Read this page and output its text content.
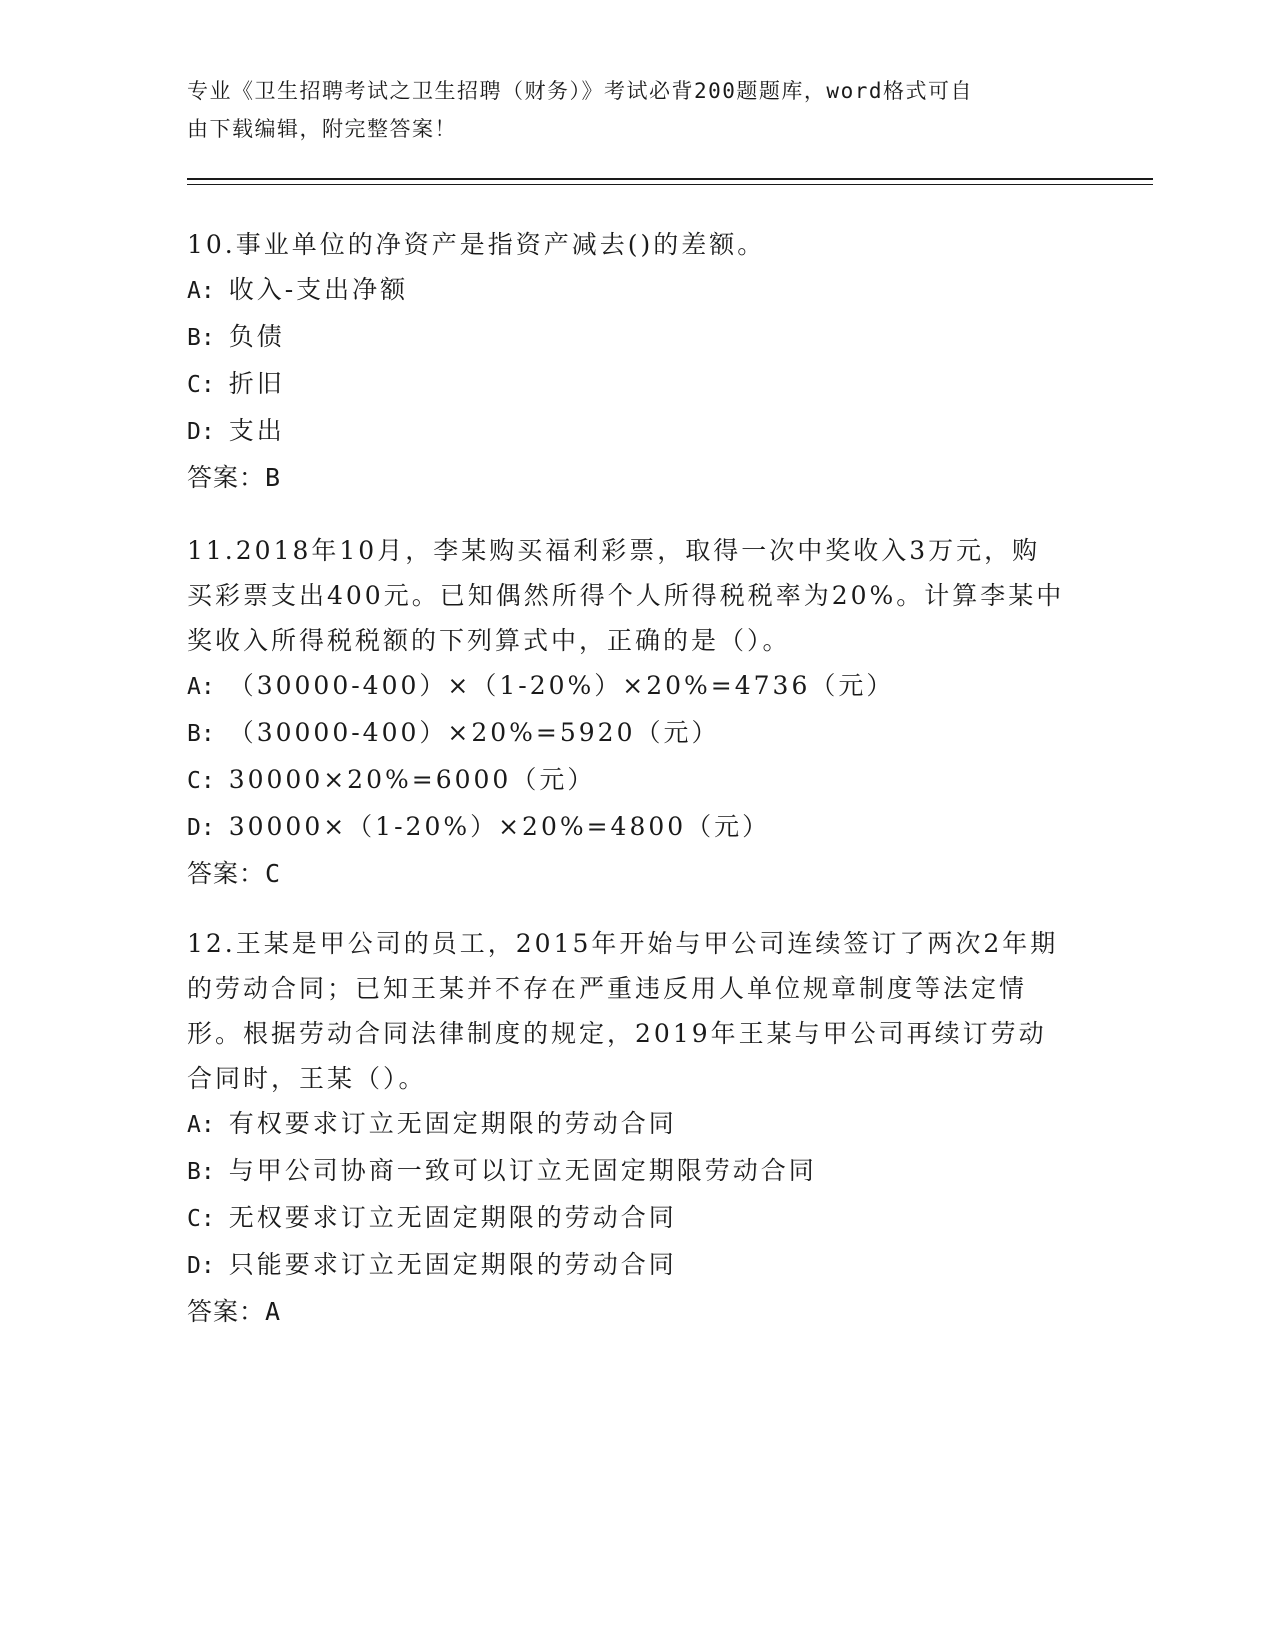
专业《卫生招聘考试之卫生招聘（财务）》考试必背200题题库，word格式可自
由下载编辑，附完整答案！
10.事业单位的净资产是指资产减去()的差额。
A: 收入-支出净额
B: 负债
C: 折旧
D: 支出
答案：B
11.2018年10月，李某购买福利彩票，取得一次中奖收入3万元，购买彩票支出400元。已知偶然所得个人所得税税率为20%。计算李某中奖收入所得税税额的下列算式中，正确的是（）。
A: （30000-400）×（1-20%）×20%=4736（元）
B: （30000-400）×20%=5920（元）
C: 30000×20%=6000（元）
D: 30000×（1-20%）×20%=4800（元）
答案：C
12.王某是甲公司的员工，2015年开始与甲公司连续签订了两次2年期的劳动合同；已知王某并不存在严重违反用人单位规章制度等法定情形。根据劳动合同法律制度的规定，2019年王某与甲公司再续订劳动合同时，王某（）。
A: 有权要求订立无固定期限的劳动合同
B: 与甲公司协商一致可以订立无固定期限劳动合同
C: 无权要求订立无固定期限的劳动合同
D: 只能要求订立无固定期限的劳动合同
答案：A
